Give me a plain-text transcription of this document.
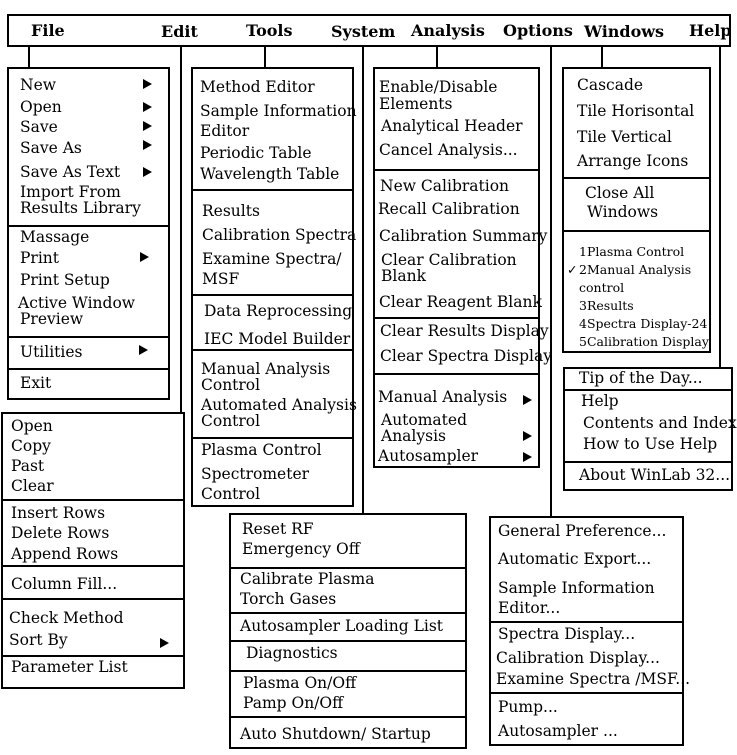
File	Edit	Tools System Analysis Options Windows Help
New
Open
Save
Save As
Save As Text
Import From
Results Library
Massage
Print
Print Setup
Active Window
Preview
Utilities
Exit
Open
Copy
Past
Clear
Insert Rows
Delete Rows
Append Rows
Column Fill...
Check Method
Sort By
Parameter List
Method Editor
Sample Information
Editor
Periodic Table
Wavelength Table
Results
Calibration Spectra
Examine Spectra/
MSF
Data Reprocessing
IEC Model Builder
Manual Analysis
Control
Automated Analysis
Control
Plasma Control
Spectrometer
Control
Reset RF
Emergency Off
Calibrate Plasma
Torch Gases
Autosampler Loading List
Diagnostics
Plasma On/Off
Pamp On/Off
Auto Shutdown/ Startup
Enable/Disable
Elements
Analytical Header
Cancel Analysis...
New Calibration
Recall Calibration
Calibration Summary
Clear Calibration
Blank
Clear Reagent Blank
Clear Results Display
Clear Spectra Display
Manual Analysis
Automated
Analysis
Autosampler
General Preference...
Automatic Export...
Sample Information
Editor...
Spectra Display...
Calibration Display...
Examine Spectra /MSF...
Pump...
Autosampler ...
Cascade
Tile Horisontal
Tile Vertical
Arrange Icons
Close All
Windows
1Plasma Control
✓ 2Manual Analysis
control
3Results
4Spectra Display-24
5Calibration Display
Tip of the Day...
Help
Contents and Index
How to Use Help
About WinLab 32...
